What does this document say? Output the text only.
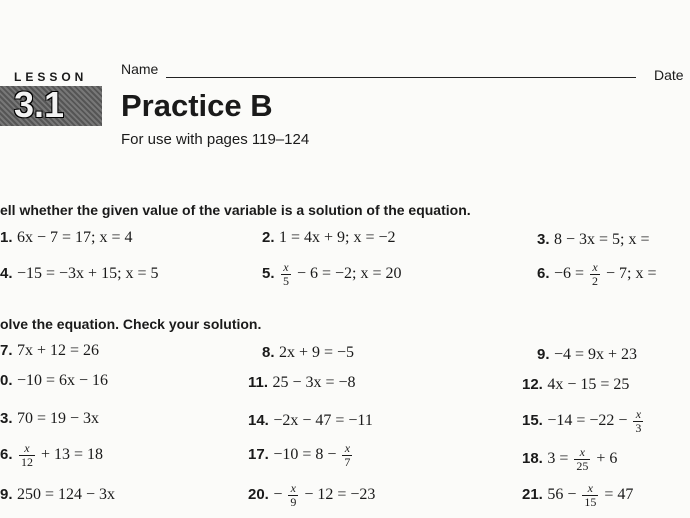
LESSON
3.1
Name	Date
Practice B
For use with pages 119–124
ell whether the given value of the variable is a solution of the equation.
1. 6x − 7 = 17; x = 4	2. 1 = 4x + 9; x = −2	3. 8 − 3x = 5; x =
4. −15 = −3x + 15; x = 5	5. $\frac{x}{5} - 6 = -2$; x = 20	6. $-6 = \frac{x}{2} - 7$; x =
olve the equation. Check your solution.
7. 7x + 12 = 26	8. 2x + 9 = −5	9. −4 = 9x + 23
0. −10 = 6x − 16	11. 25 − 3x = −8	12. 4x − 15 = 25
3. 70 = 19 − 3x	14. −2x − 47 = −11	15. $-14 = -22 - \frac{x}{3}$
6. $\frac{x}{12} + 13 = 18$	17. $-10 = 8 - \frac{x}{7}$	18. $3 = \frac{x}{25} + 6$
9. 250 = 124 − 3x	20. − $\frac{x}{9} - 12 = -23$	21. $56 - \frac{x}{15} = 47$
